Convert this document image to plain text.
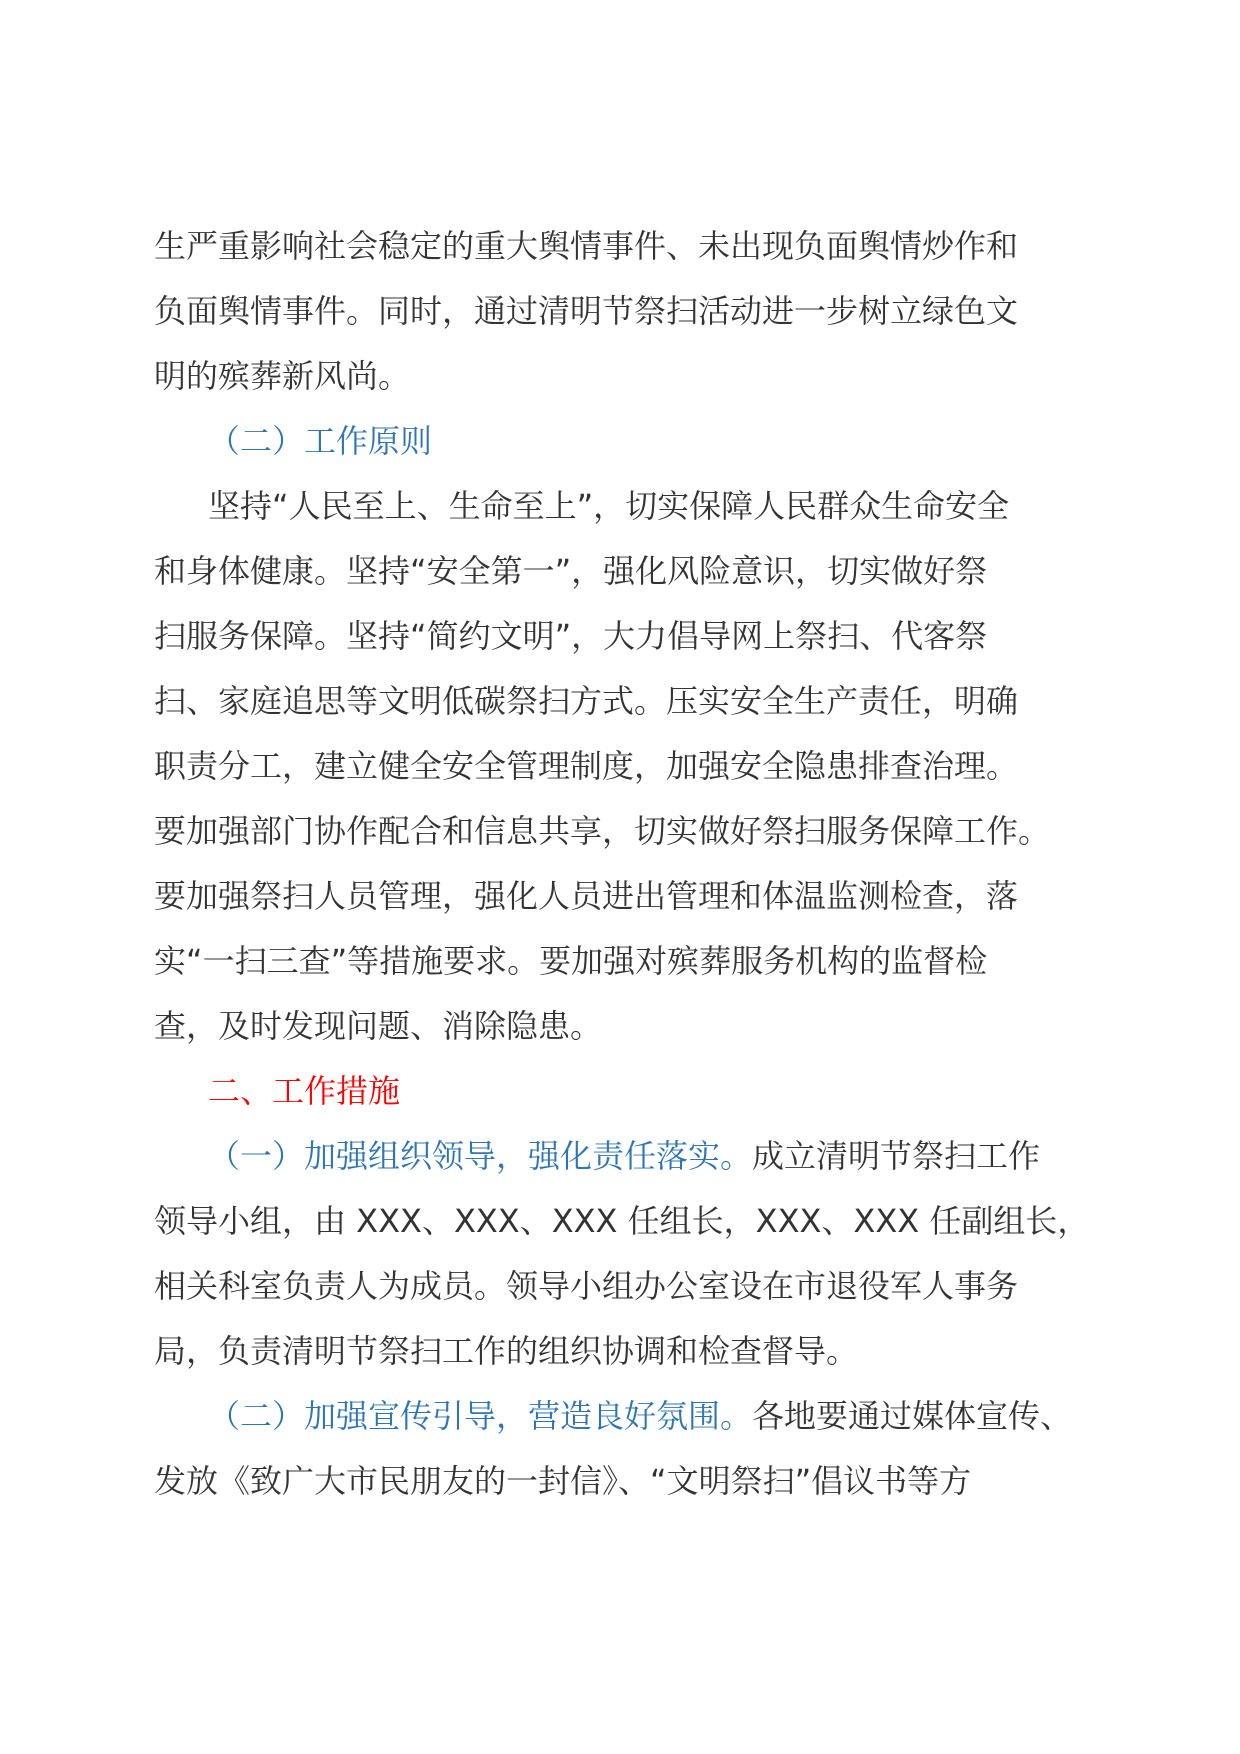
生严重影响社会稳定的重大舆情事件、未出现负面舆情炒作和
负面舆情事件。同时，通过清明节祭扫活动进一步树立绿色文
明的殡葬新风尚。
（二）工作原则
坚持“人民至上、生命至上”，切实保障人民群众生命安全
和身体健康。坚持“安全第一”，强化风险意识，切实做好祭
扫服务保障。坚持“简约文明”，大力倡导网上祭扫、代客祭
扫、家庭追思等文明低碳祭扫方式。压实安全生产责任，明确
职责分工，建立健全安全管理制度，加强安全隐患排查治理。
要加强部门协作配合和信息共享，切实做好祭扫服务保障工作。
要加强祭扫人员管理，强化人员进出管理和体温监测检查，落
实“一扫三查”等措施要求。要加强对殡葬服务机构的监督检
查，及时发现问题、消除隐患。
二、工作措施
（一）加强组织领导，强化责任落实。成立清明节祭扫工作
领导小组，由 XXX、XXX、XXX 任组长，XXX、XXX 任副组长，
相关科室负责人为成员。领导小组办公室设在市退役军人事务
局，负责清明节祭扫工作的组织协调和检查督导。
（二）加强宣传引导，营造良好氛围。各地要通过媒体宣传、
发放《致广大市民朋友的一封信》、“文明祭扫”倡议书等方
